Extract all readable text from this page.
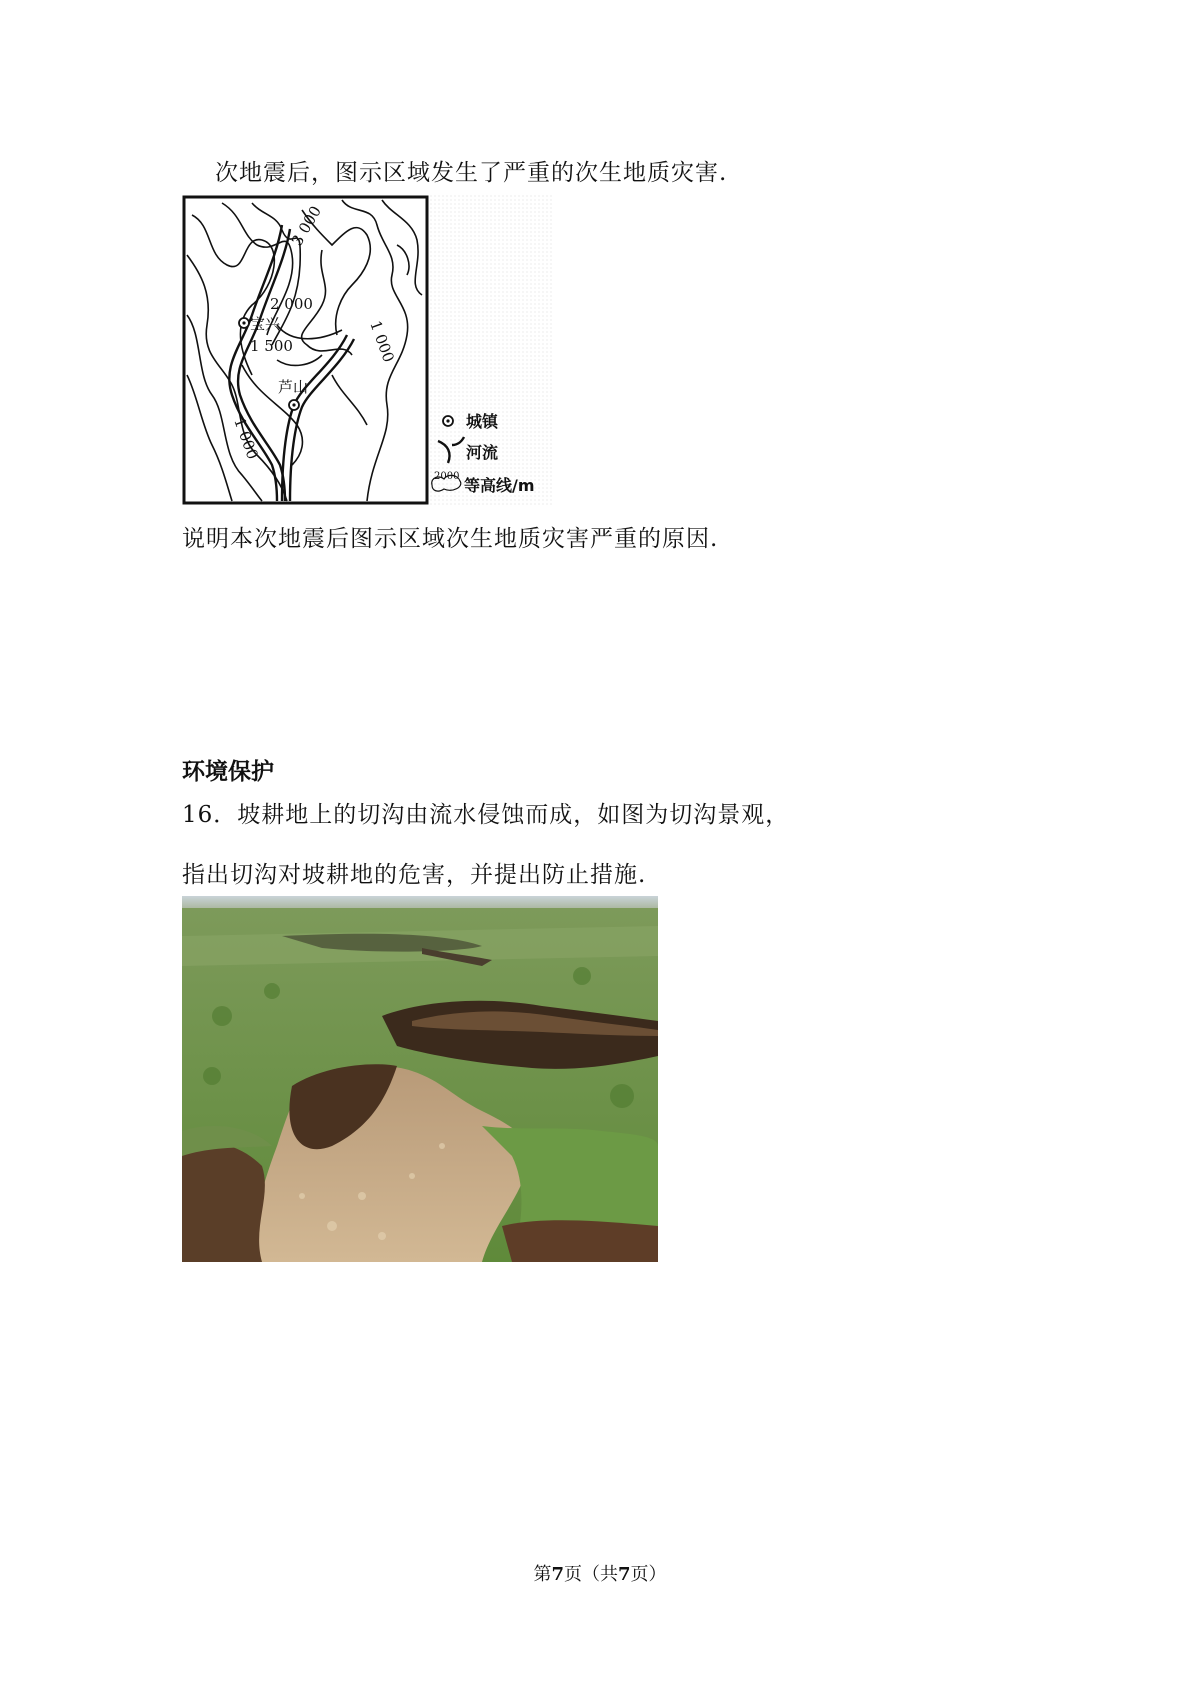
次地震后，图示区域发生了严重的次生地质灾害.
宝兴
芦山
3 000
2 000
1 500
1 000
1 000
城镇
河流
2000 等高线/m
说明本次地震后图示区域次生地质灾害严重的原因.
环境保护
16．坡耕地上的切沟由流水侵蚀而成，如图为切沟景观，
指出切沟对坡耕地的危害，并提出防止措施.
第7页（共7页）
